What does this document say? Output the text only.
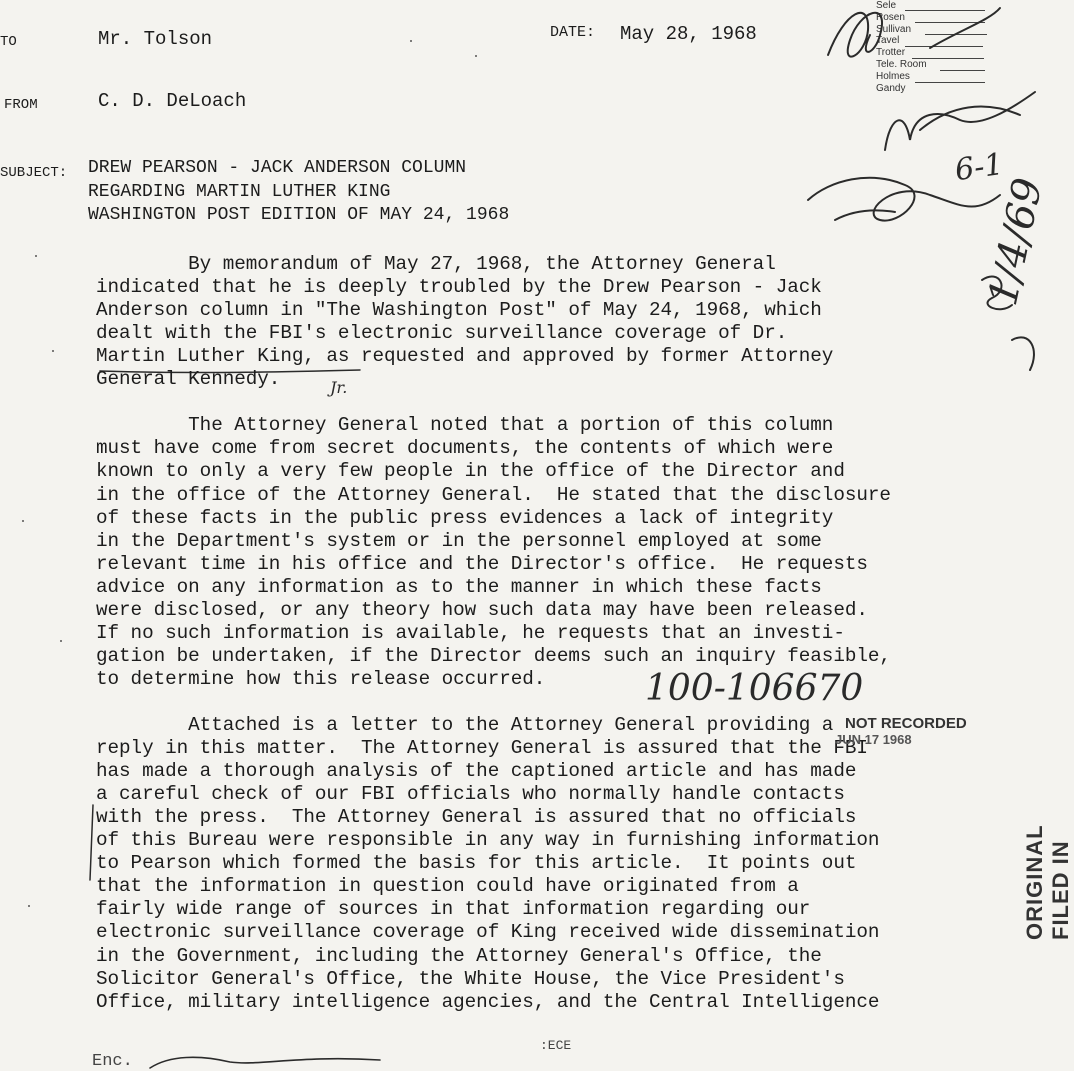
TO	Mr. Tolson	DATE: May 28, 1968
FROM	C. D. DeLoach
SUBJECT: DREW PEARSON - JACK ANDERSON COLUMN
REGARDING MARTIN LUTHER KING
WASHINGTON POST EDITION OF MAY 24, 1968
Sele
Rosen
Sullivan
Tavel
Trotter
Tele. Room
Holmes
Gandy
6-1
1/4/69
Jr.
100-106670
By memorandum of May 27, 1968, the Attorney General
indicated that he is deeply troubled by the Drew Pearson - Jack
Anderson column in "The Washington Post" of May 24, 1968, which
dealt with the FBI's electronic surveillance coverage of Dr.
Martin Luther King, as requested and approved by former Attorney
General Kennedy.
The Attorney General noted that a portion of this column
must have come from secret documents, the contents of which were
known to only a very few people in the office of the Director and
in the office of the Attorney General.  He stated that the disclosure
of these facts in the public press evidences a lack of integrity
in the Department's system or in the personnel employed at some
relevant time in his office and the Director's office.  He requests
advice on any information as to the manner in which these facts
were disclosed, or any theory how such data may have been released.
If no such information is available, he requests that an investi-
gation be undertaken, if the Director deems such an inquiry feasible,
to determine how this release occurred.
Attached is a letter to the Attorney General providing a
reply in this matter.  The Attorney General is assured that the FBI
has made a thorough analysis of the captioned article and has made
a careful check of our FBI officials who normally handle contacts
with the press.  The Attorney General is assured that no officials
of this Bureau were responsible in any way in furnishing information
to Pearson which formed the basis for this article.  It points out
that the information in question could have originated from a
fairly wide range of sources in that information regarding our
electronic surveillance coverage of King received wide dissemination
in the Government, including the Attorney General's Office, the
Solicitor General's Office, the White House, the Vice President's
Office, military intelligence agencies, and the Central Intelligence
NOT RECORDED
JUN 17 1968
ORIGINAL FILED IN
Enc.
:ECE
